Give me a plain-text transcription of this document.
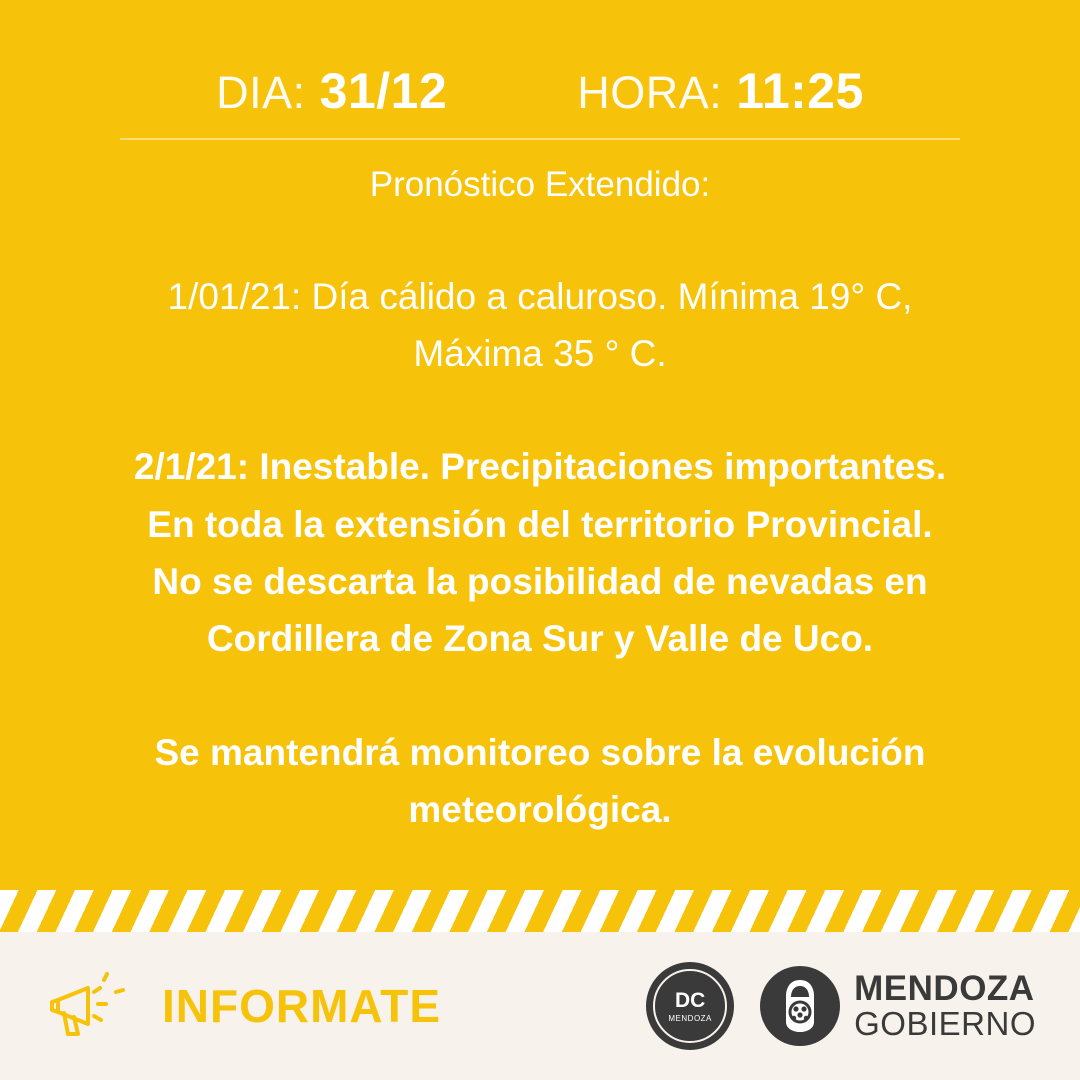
DIA: 31/12	HORA: 11:25

Pronóstico Extendido:

1/01/21: Día cálido a caluroso. Mínima 19° C,

Máxima 35 ° C.

2/1/21: Inestable. Precipitaciones importantes.

En toda la extensión del territorio Provincial.

No se descarta la posibilidad de nevadas en

Cordillera de Zona Sur y Valle de Uco.

Se mantendrá monitoreo sobre la evolución

meteorológica.

INFORMATE	DC
MENDOZA
MENDOZA
GOBIERNO
